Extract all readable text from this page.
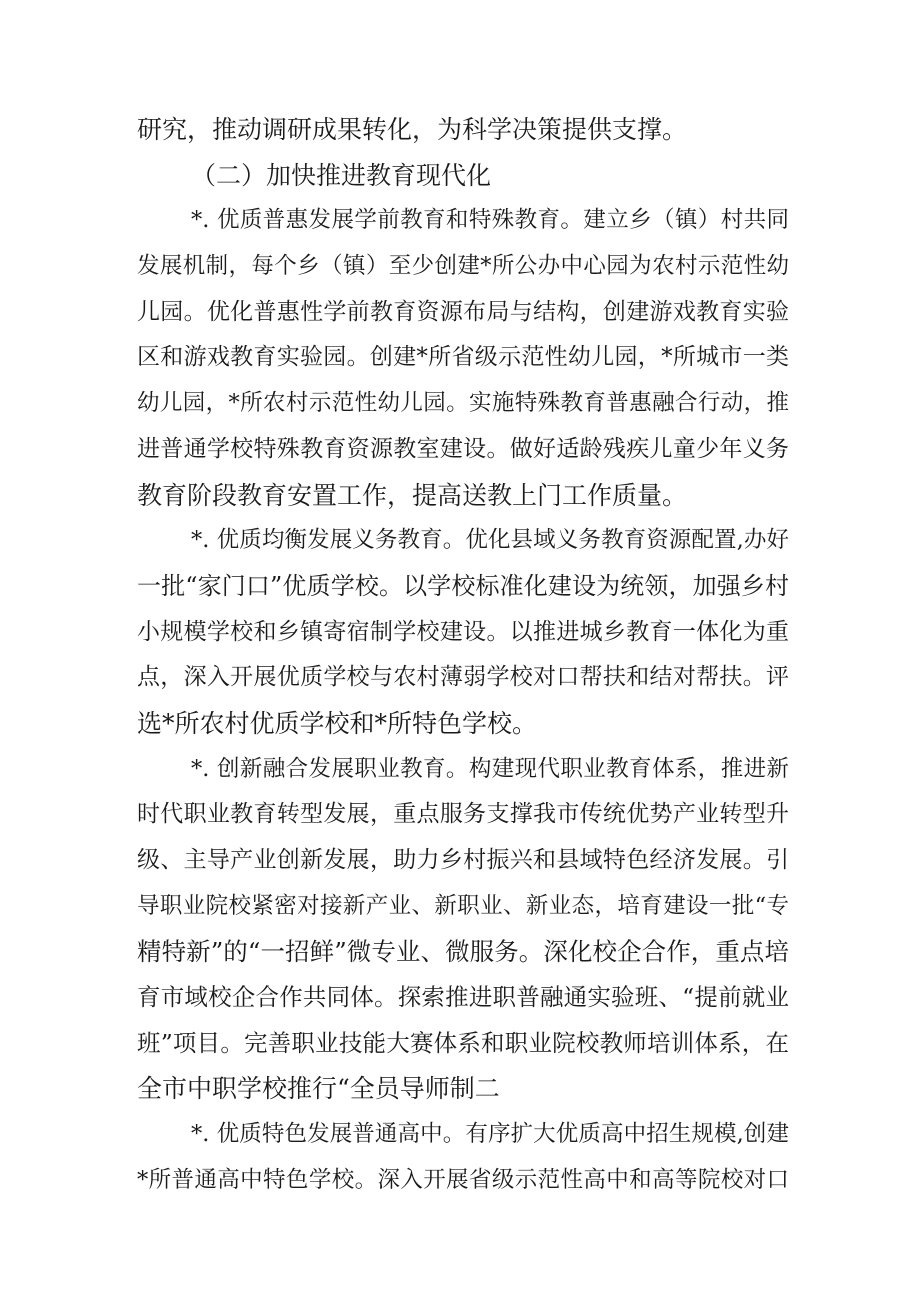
研究，推动调研成果转化，为科学决策提供支撑。
（二）加快推进教育现代化
*. 优质普惠发展学前教育和特殊教育。建立乡（镇）村共同
发展机制，每个乡（镇）至少创建*所公办中心园为农村示范性幼
儿园。优化普惠性学前教育资源布局与结构，创建游戏教育实验
区和游戏教育实验园。创建*所省级示范性幼儿园，*所城市一类
幼儿园，*所农村示范性幼儿园。实施特殊教育普惠融合行动，推
进普通学校特殊教育资源教室建设。做好适龄残疾儿童少年义务
教育阶段教育安置工作，提高送教上门工作质量。
*. 优质均衡发展义务教育。优化县域义务教育资源配置,办好
一批“家门口”优质学校。以学校标准化建设为统领，加强乡村
小规模学校和乡镇寄宿制学校建设。以推进城乡教育一体化为重
点，深入开展优质学校与农村薄弱学校对口帮扶和结对帮扶。评
选*所农村优质学校和*所特色学校。
*. 创新融合发展职业教育。构建现代职业教育体系，推进新
时代职业教育转型发展，重点服务支撑我市传统优势产业转型升
级、主导产业创新发展，助力乡村振兴和县域特色经济发展。引
导职业院校紧密对接新产业、新职业、新业态，培育建设一批“专
精特新”的“一招鲜”微专业、微服务。深化校企合作，重点培
育市域校企合作共同体。探索推进职普融通实验班、“提前就业
班”项目。完善职业技能大赛体系和职业院校教师培训体系，在
全市中职学校推行“全员导师制二
*. 优质特色发展普通高中。有序扩大优质高中招生规模,创建
*所普通高中特色学校。深入开展省级示范性高中和高等院校对口
